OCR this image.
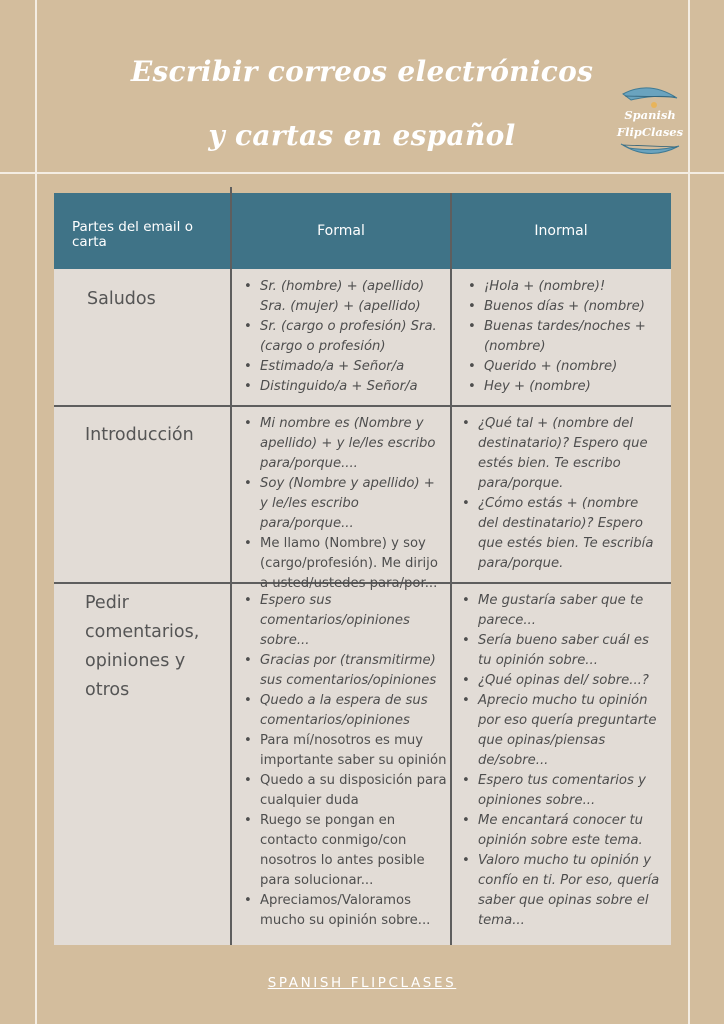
Escribir correos electrónicos
y cartas en español
Spanish
FlipClases
Partes del email o carta
Formal	Inormal
Saludos
• Sr. (hombre) + (apellido) Sra. (mujer) + (apellido)
• Sr. (cargo o profesión) Sra. (cargo o profesión)
• Estimado/a + Señor/a
• Distinguido/a + Señor/a
• ¡Hola + (nombre)!
• Buenos días + (nombre)
• Buenas tardes/noches + (nombre)
• Querido + (nombre)
• Hey + (nombre)
Introducción
• Mi nombre es (Nombre y apellido) + y le/les escribo para/porque....
• Soy (Nombre y apellido) + y le/les escribo para/porque...
• Me llamo (Nombre) y soy (cargo/profesión). Me dirijo a usted/ustedes para/por...
• ¿Qué tal + (nombre del destinatario)? Espero que estés bien. Te escribo para/porque.
• ¿Cómo estás + (nombre del destinatario)? Espero que estés bien. Te escribía para/porque.
Pedir comentarios, opiniones y otros
• Espero sus comentarios/opiniones sobre...
• Gracias por (transmitirme) sus comentarios/opiniones
• Quedo a la espera de sus comentarios/opiniones
• Para mí/nosotros es muy importante saber su opinión
• Quedo a su disposición para cualquier duda
• Ruego se pongan en contacto conmigo/con nosotros lo antes posible para solucionar...
• Apreciamos/Valoramos mucho su opinión sobre...
• Me gustaría saber que te parece...
• Sería bueno saber cuál es tu opinión sobre...
• ¿Qué opinas del/ sobre...?
• Aprecio mucho tu opinión por eso quería preguntarte que opinas/piensas de/sobre...
• Espero tus comentarios y opiniones sobre...
• Me encantará conocer tu opinión sobre este tema.
• Valoro mucho tu opinión y confío en ti. Por eso, quería saber que opinas sobre el tema...
SPANISH FLIPCLASES
